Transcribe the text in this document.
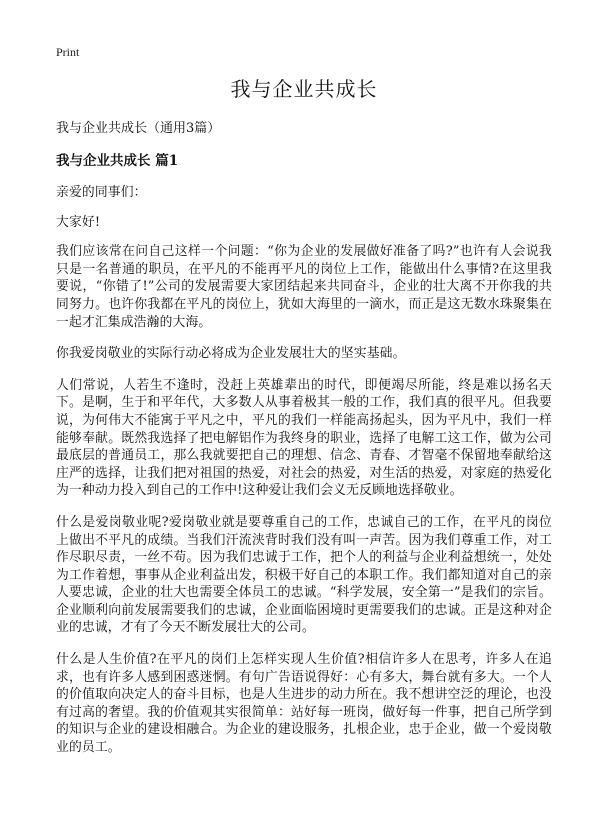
Print
我与企业共成长
我与企业共成长（通用3篇）
我与企业共成长 篇1

亲爱的同事们：

大家好!

我们应该常在问自己这样一个问题：“你为企业的发展做好准备了吗?”也许有人会说我只是一名普通的职员，在平凡的不能再平凡的岗位上工作，能做出什么事情?在这里我要说，“你错了!”公司的发展需要大家团结起来共同奋斗，企业的壮大离不开你我的共同努力。也许你我都在平凡的岗位上，犹如大海里的一滴水，而正是这无数水珠聚集在一起才汇集成浩瀚的大海。

你我爱岗敬业的实际行动必将成为企业发展壮大的坚实基础。

人们常说，人若生不逢时，没赶上英雄辈出的时代，即便竭尽所能，终是难以扬名天下。是啊，生于和平年代，大多数人从事着极其一般的工作，我们真的很平凡。但我要说，为何伟大不能寓于平凡之中，平凡的我们一样能高扬起头，因为平凡中，我们一样能够奉献。既然我选择了把电解铝作为我终身的职业，选择了电解工这工作，做为公司最底层的普通员工，那么我就要把自己的理想、信念、青春、才智毫不保留地奉献给这庄严的选择，让我们把对祖国的热爱，对社会的热爱，对生活的热爱，对家庭的热爱化为一种动力投入到自己的工作中!这种爱让我们会义无反顾地选择敬业。

什么是爱岗敬业呢?爱岗敬业就是要尊重自己的工作，忠诚自己的工作，在平凡的岗位上做出不平凡的成绩。当我们汗流浃背时我们没有叫一声苦。因为我们尊重工作，对工作尽职尽责，一丝不苟。因为我们忠诚于工作，把个人的利益与企业利益想统一，处处为工作着想，事事从企业利益出发，积极干好自己的本职工作。我们都知道对自己的亲人要忠诚，企业的壮大也需要全体员工的忠诚。“科学发展，安全第一”是我们的宗旨。企业顺利向前发展需要我们的忠诚，企业面临困境时更需要我们的忠诚。正是这种对企业的忠诚，才有了今天不断发展壮大的公司。

什么是人生价值?在平凡的岗们上怎样实现人生价值?相信许多人在思考，许多人在追求，也有许多人感到困惑迷惘。有句广告语说得好：心有多大，舞台就有多大。一个人的价值取向决定人的奋斗目标，也是人生进步的动力所在。我不想讲空泛的理论，也没有过高的奢望。我的价值观其实很简单：站好每一班岗，做好每一件事，把自己所学到的知识与企业的建设相融合。为企业的建设服务，扎根企业，忠于企业，做一个爱岗敬业的员工。
